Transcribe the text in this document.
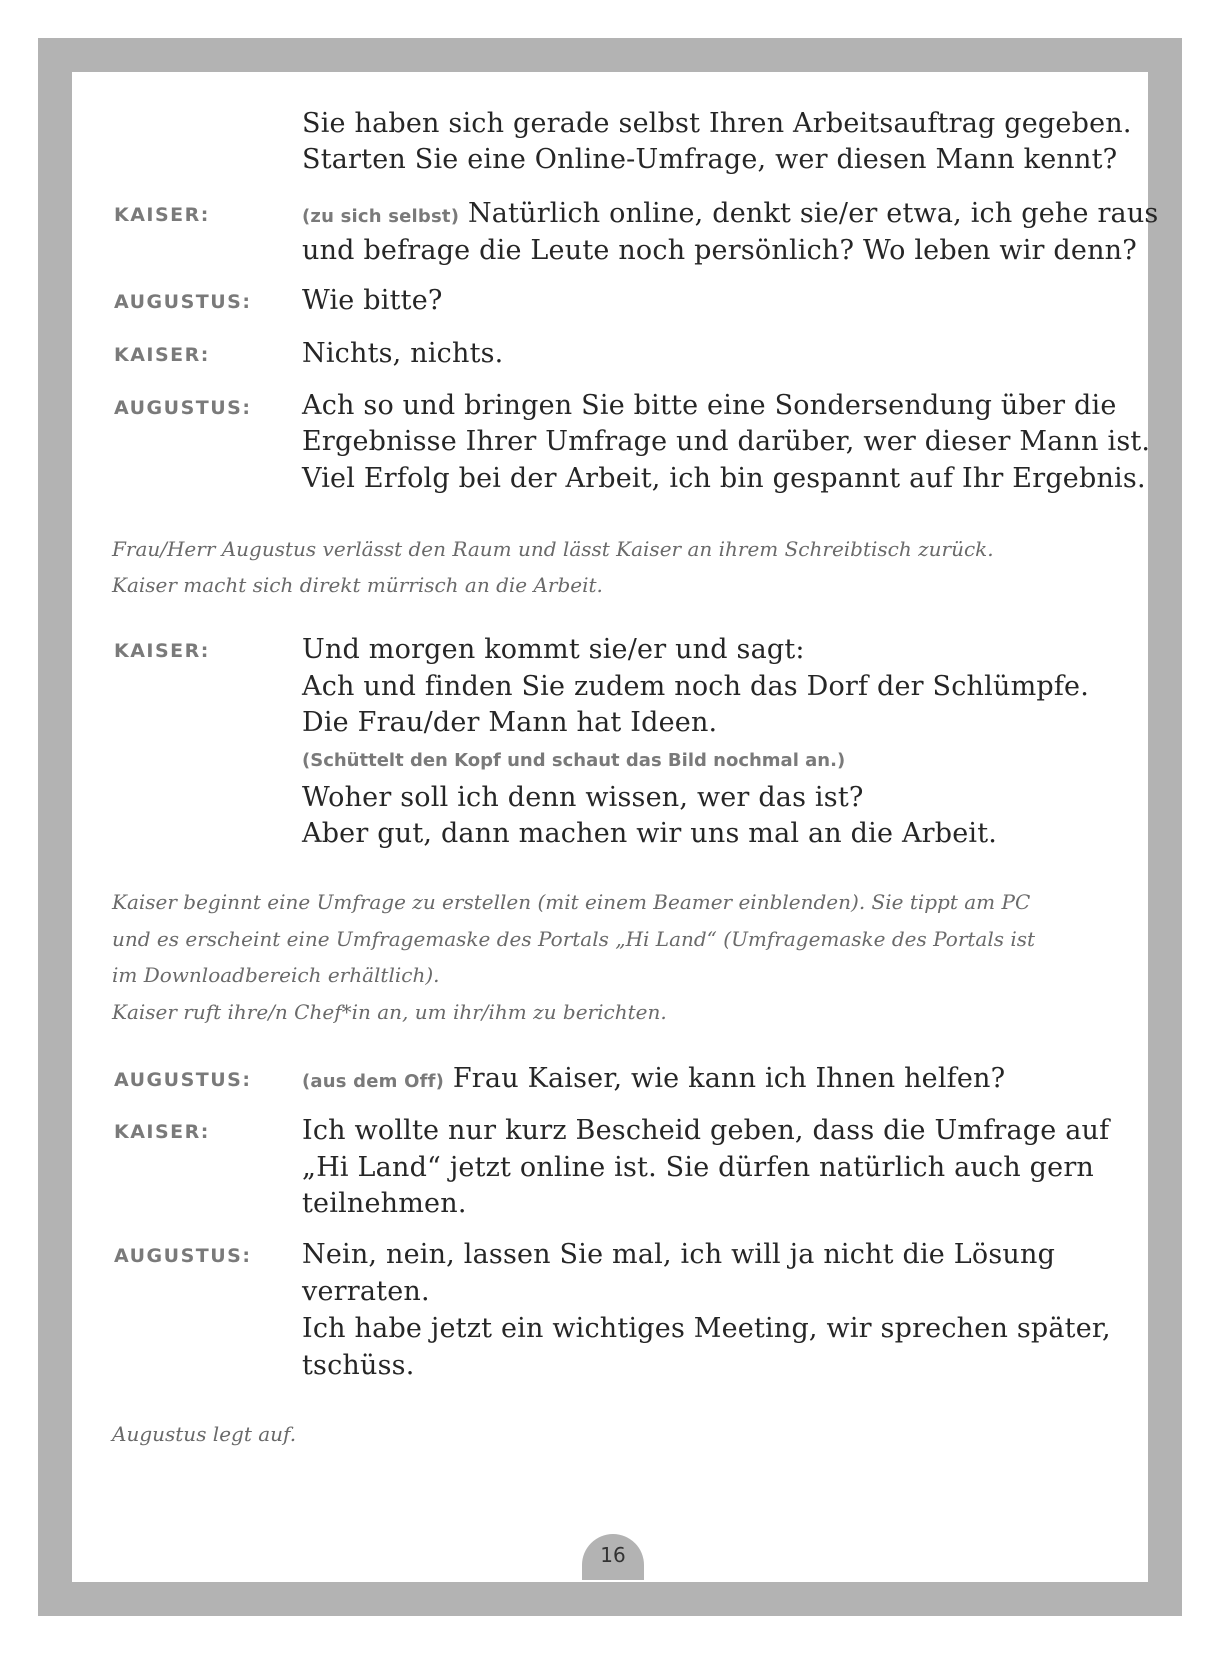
Sie haben sich gerade selbst Ihren Arbeitsauftrag gegeben.
Starten Sie eine Online-Umfrage, wer diesen Mann kennt?
KAISER:	(zu sich selbst) Natürlich online, denkt sie/er etwa, ich gehe raus
und befrage die Leute noch persönlich? Wo leben wir denn?
AUGUSTUS: Wie bitte?
KAISER:	Nichts, nichts.
AUGUSTUS: Ach so und bringen Sie bitte eine Sondersendung über die
Ergebnisse Ihrer Umfrage und darüber, wer dieser Mann ist.
Viel Erfolg bei der Arbeit, ich bin gespannt auf Ihr Ergebnis.
Frau/Herr Augustus verlässt den Raum und lässt Kaiser an ihrem Schreibtisch zurück.
Kaiser macht sich direkt mürrisch an die Arbeit.
KAISER:	Und morgen kommt sie/er und sagt:
Ach und finden Sie zudem noch das Dorf der Schlümpfe.
Die Frau/der Mann hat Ideen.
(Schüttelt den Kopf und schaut das Bild nochmal an.)
Woher soll ich denn wissen, wer das ist?
Aber gut, dann machen wir uns mal an die Arbeit.
Kaiser beginnt eine Umfrage zu erstellen (mit einem Beamer einblenden). Sie tippt am PC
und es erscheint eine Umfragemaske des Portals „Hi Land“ (Umfragemaske des Portals ist
im Downloadbereich erhältlich).
Kaiser ruft ihre/n Chef*in an, um ihr/ihm zu berichten.
AUGUSTUS:	(aus dem Off) Frau Kaiser, wie kann ich Ihnen helfen?
KAISER:	Ich wollte nur kurz Bescheid geben, dass die Umfrage auf
„Hi Land“ jetzt online ist. Sie dürfen natürlich auch gern
teilnehmen.
AUGUSTUS: Nein, nein, lassen Sie mal, ich will ja nicht die Lösung
verraten.
Ich habe jetzt ein wichtiges Meeting, wir sprechen später,
tschüss.
Augustus legt auf.
16
